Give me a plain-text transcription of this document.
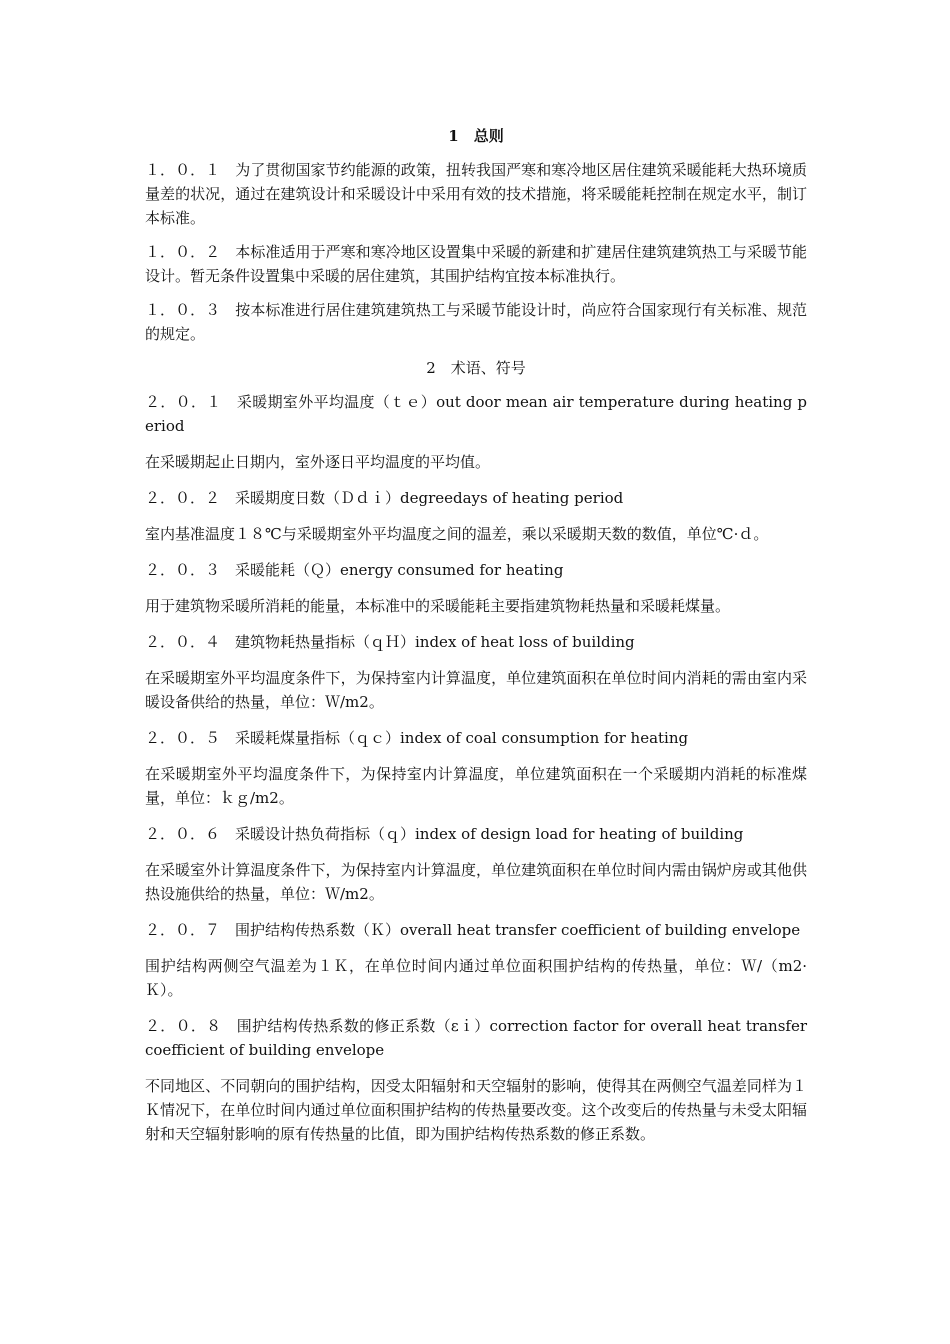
1　总则

１．０．１　为了贯彻国家节约能源的政策，扭转我国严寒和寒冷地区居住建筑采暖能耗大热环境质量差的状况，通过在建筑设计和采暖设计中采用有效的技术措施，将采暖能耗控制在规定水平，制订本标准。

１．０．２　本标准适用于严寒和寒冷地区设置集中采暖的新建和扩建居住建筑建筑热工与采暖节能设计。暂无条件设置集中采暖的居住建筑，其围护结构宜按本标准执行。

１．０．３　按本标准进行居住建筑建筑热工与采暖节能设计时，尚应符合国家现行有关标准、规范的规定。

2　术语、符号

２．０．１　采暖期室外平均温度（ｔｅ）out door mean air temperature during heating period

在采暖期起止日期内，室外逐日平均温度的平均值。

２．０．２　采暖期度日数（Ｄｄｉ）degreedays of heating period

室内基准温度１８℃与采暖期室外平均温度之间的温差，乘以采暖期天数的数值，单位℃·ｄ。

２．０．３　采暖能耗（Ｑ）energy consumed for heating

用于建筑物采暖所消耗的能量，本标准中的采暖能耗主要指建筑物耗热量和采暖耗煤量。

２．０．４　建筑物耗热量指标（ｑＨ）index of heat loss of building

在采暖期室外平均温度条件下，为保持室内计算温度，单位建筑面积在单位时间内消耗的需由室内采暖设备供给的热量，单位：Ｗ/m2。

２．０．５　采暖耗煤量指标（ｑｃ）index of coal consumption for heating

在采暖期室外平均温度条件下，为保持室内计算温度，单位建筑面积在一个采暖期内消耗的标准煤量，单位：ｋｇ/m2。

２．０．６　采暖设计热负荷指标（ｑ）index of design load for heating of building

在采暖室外计算温度条件下，为保持室内计算温度，单位建筑面积在单位时间内需由锅炉房或其他供热设施供给的热量，单位：Ｗ/m2。

２．０．７　围护结构传热系数（Ｋ）overall heat transfer coefficient of building envelope

围护结构两侧空气温差为１Ｋ，在单位时间内通过单位面积围护结构的传热量，单位：Ｗ/（m2·Ｋ）。

２．０．８　围护结构传热系数的修正系数（εｉ）correction factor for overall heat transfer coefficient of building envelope

不同地区、不同朝向的围护结构，因受太阳辐射和天空辐射的影响，使得其在两侧空气温差同样为１Ｋ情况下，在单位时间内通过单位面积围护结构的传热量要改变。这个改变后的传热量与未受太阳辐射和天空辐射影响的原有传热量的比值，即为围护结构传热系数的修正系数。
